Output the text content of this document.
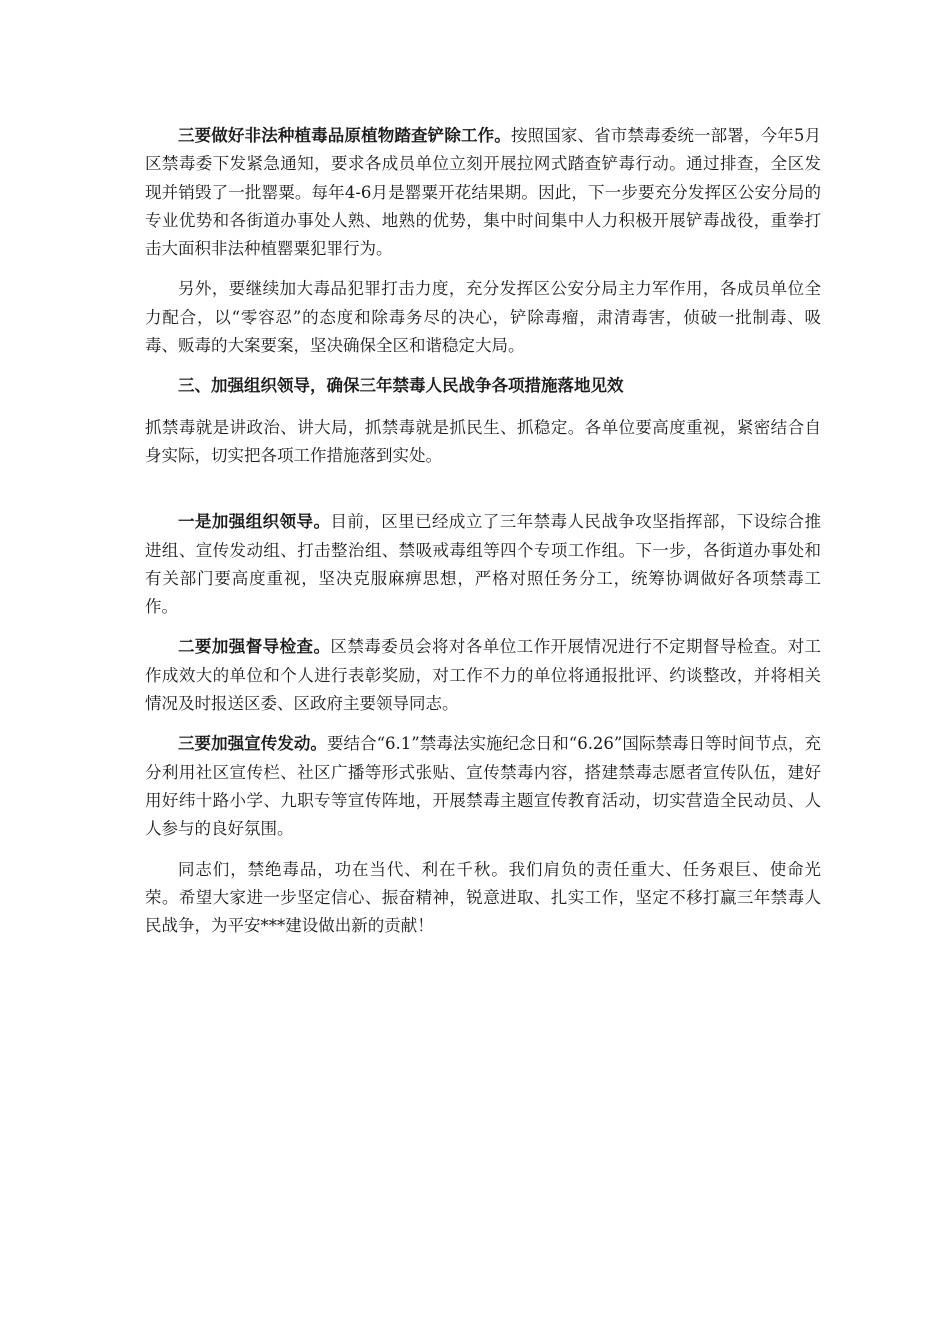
三要做好非法种植毒品原植物踏查铲除工作。按照国家、省市禁毒委统一部署，今年5月区禁毒委下发紧急通知，要求各成员单位立刻开展拉网式踏查铲毒行动。通过排查，全区发现并销毁了一批罂粟。每年4-6月是罂粟开花结果期。因此，下一步要充分发挥区公安分局的专业优势和各街道办事处人熟、地熟的优势，集中时间集中人力积极开展铲毒战役，重拳打击大面积非法种植罂粟犯罪行为。

另外，要继续加大毒品犯罪打击力度，充分发挥区公安分局主力军作用，各成员单位全力配合，以“零容忍”的态度和除毒务尽的决心，铲除毒瘤，肃清毒害，侦破一批制毒、吸毒、贩毒的大案要案，坚决确保全区和谐稳定大局。

三、加强组织领导，确保三年禁毒人民战争各项措施落地见效

抓禁毒就是讲政治、讲大局，抓禁毒就是抓民生、抓稳定。各单位要高度重视，紧密结合自身实际，切实把各项工作措施落到实处。

一是加强组织领导。目前，区里已经成立了三年禁毒人民战争攻坚指挥部，下设综合推进组、宣传发动组、打击整治组、禁吸戒毒组等四个专项工作组。下一步，各街道办事处和有关部门要高度重视，坚决克服麻痹思想，严格对照任务分工，统筹协调做好各项禁毒工作。

二要加强督导检查。区禁毒委员会将对各单位工作开展情况进行不定期督导检查。对工作成效大的单位和个人进行表彰奖励，对工作不力的单位将通报批评、约谈整改，并将相关情况及时报送区委、区政府主要领导同志。

三要加强宣传发动。要结合“6.1”禁毒法实施纪念日和“6.26”国际禁毒日等时间节点，充分利用社区宣传栏、社区广播等形式张贴、宣传禁毒内容，搭建禁毒志愿者宣传队伍，建好用好纬十路小学、九职专等宣传阵地，开展禁毒主题宣传教育活动，切实营造全民动员、人人参与的良好氛围。

同志们，禁绝毒品，功在当代、利在千秋。我们肩负的责任重大、任务艰巨、使命光荣。希望大家进一步坚定信心、振奋精神，锐意进取、扎实工作，坚定不移打赢三年禁毒人民战争，为平安***建设做出新的贡献！
